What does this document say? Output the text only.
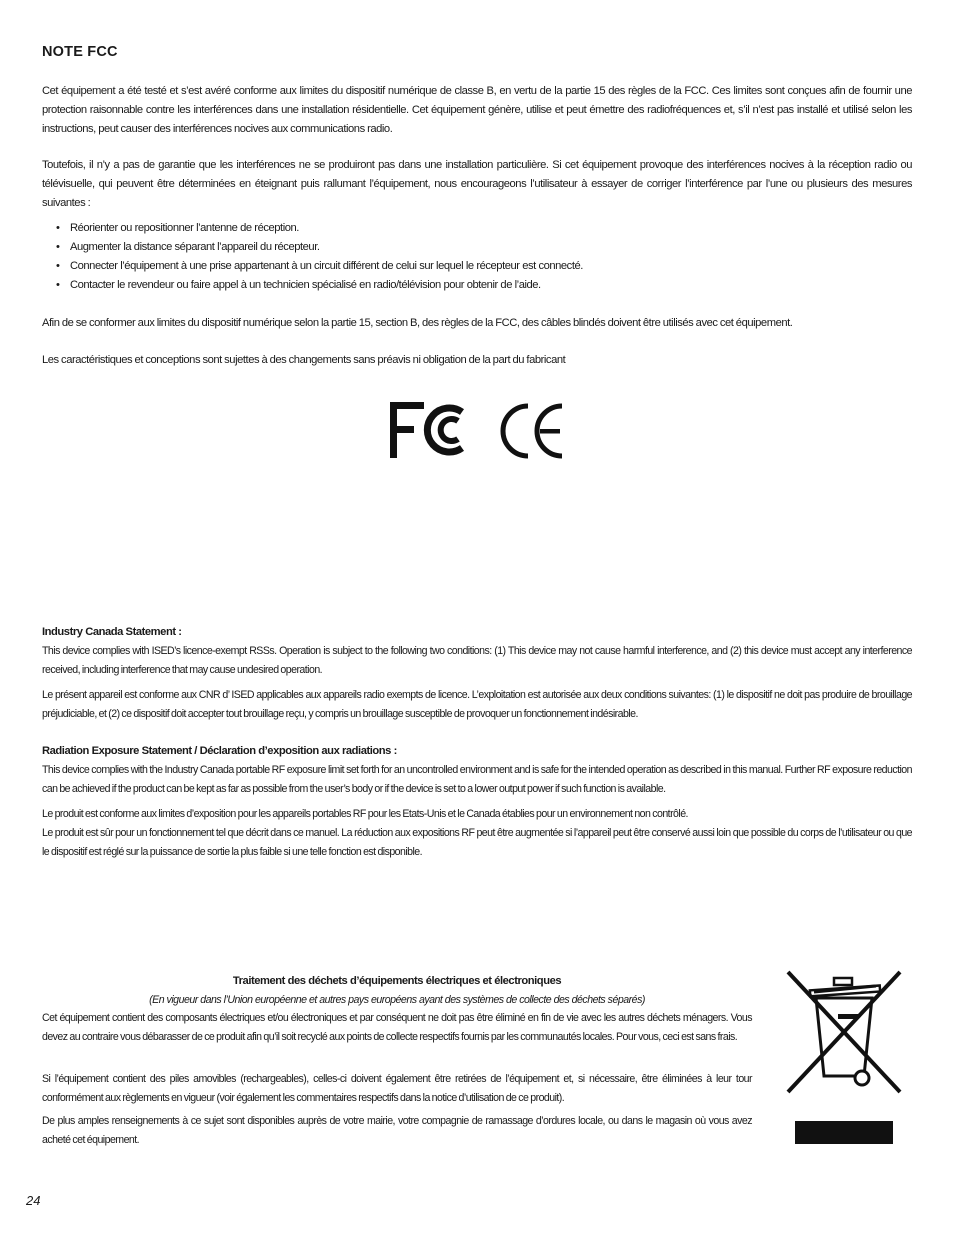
NOTE FCC

Cet équipement a été testé et s’est avéré conforme aux limites du dispositif numérique de classe B, en vertu de la partie 15 des règles de la FCC. Ces limites sont conçues afin de fournir une protection raisonnable contre les interférences dans une installation résidentielle. Cet équipement génère, utilise et peut émettre des radiofréquences et, s’il n’est pas installé et utilisé selon les instructions, peut causer des interférences nocives aux communications radio.

Toutefois, il n’y a pas de garantie que les interférences ne se produiront pas dans une installation particulière. Si cet équipement provoque des interférences nocives à la réception radio ou télévisuelle, qui peuvent être déterminées en éteignant puis rallumant l’équipement, nous encourageons l’utilisateur à essayer de corriger l’interférence par l’une ou plusieurs des mesures suivantes :

• Réorienter ou repositionner l’antenne de réception.
• Augmenter la distance séparant l’appareil du récepteur.
• Connecter l’équipement à une prise appartenant à un circuit différent de celui sur lequel le récepteur est connecté.
• Contacter le revendeur ou faire appel à un technicien spécialisé en radio/télévision pour obtenir de l’aide.

Afin de se conformer aux limites du dispositif numérique selon la partie 15, section B, des règles de la FCC, des câbles blindés doivent être utilisés avec cet équipement.

Les caractéristiques et conceptions sont sujettes à des changements sans préavis ni obligation de la part du fabricant

Industry Canada Statement :

This device complies with ISED’s licence-exempt RSSs. Operation is subject to the following two conditions: (1) This device may not cause harmful interference, and (2) this device must accept any interference received, including interference that may cause undesired operation.

Le présent appareil est conforme aux CNR d’ ISED applicables aux appareils radio exempts de licence. L’exploitation est autorisée aux deux conditions suivantes: (1) le dispositif ne doit pas produire de brouillage préjudiciable, et (2) ce dispositif doit accepter tout brouillage reçu, y compris un brouillage susceptible de provoquer un fonctionnement indésirable.

Radiation Exposure Statement / Déclaration d’exposition aux radiations :

This device complies with the Industry Canada portable RF exposure limit set forth for an uncontrolled environment and is safe for the intended operation as described in this manual. Further RF exposure reduction can be achieved if the product can be kept as far as possible from the user’s body or if the device is set to a lower output power if such function is available.

Le produit est conforme aux limites d’exposition pour les appareils portables RF pour les Etats-Unis et le Canada établies pour un environnement non contrôlé.

Le produit est sûr pour un fonctionnement tel que décrit dans ce manuel. La réduction aux expositions RF peut être augmentée si l’appareil peut être conservé aussi loin que possible du corps de l’utilisateur ou que le dispositif est réglé sur la puissance de sortie la plus faible si une telle fonction est disponible.

Traitement des déchets d’équipements électriques et électroniques

(En vigueur dans l’Union européenne et autres pays européens ayant des systèmes de collecte des déchets séparés)

Cet équipement contient des composants électriques et/ou électroniques et par conséquent ne doit pas être éliminé en fin de vie avec les autres déchets ménagers. Vous devez au contraire vous débarasser de ce produit afin qu’il soit recyclé aux points de collecte respectifs fournis par les communautés locales. Pour vous, ceci est sans frais.

Si l’équipement contient des piles amovibles (rechargeables), celles-ci doivent également être retirées de l’équipement et, si nécessaire, être éliminées à leur tour conformément aux règlements en vigueur (voir également les commentaires respectifs dans la notice d’utilisation de ce produit).

De plus amples renseignements à ce sujet sont disponibles auprès de votre mairie, votre compagnie de ramassage d’ordures locale, ou dans le magasin où vous avez acheté cet équipement.

24
